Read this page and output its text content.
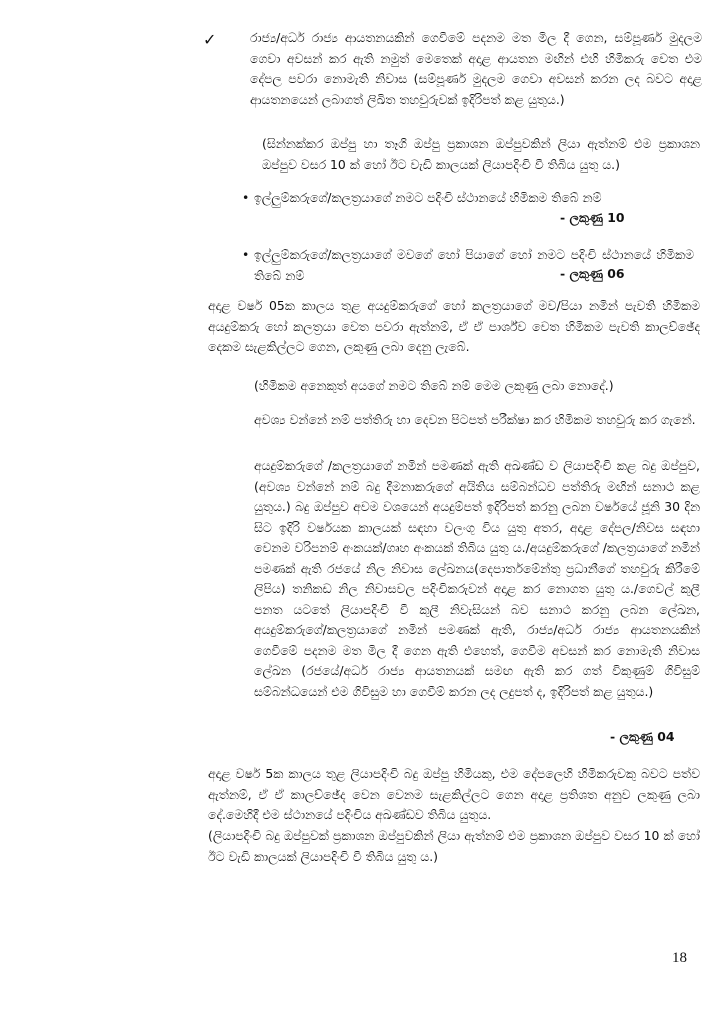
✓	රාජ්‍ය/අර්ධ රාජ්‍ය ආයතනයකින් ගෙවීමේ පදනම මත මිල දී ගෙන, සම්පූර්ණ මුදලම ගෙවා අවසන් කර ඇති නමුත් මෙතෙක් අදාළ ආයතන මඟින් එහි හිමිකරු වෙත එම දේපල පවරා නොමැති නිවාස (සම්පූර්ණ මුදලම ගෙවා අවසන් කරන ලද බවට අදාළ ආයතනයෙන් ලබාගත් ලිඛිත තහවුරුවක් ඉදිරිපත් කළ යුතුය.)

(සින්නක්කර ඔප්පු හා තෑගි ඔප්පු ප්‍රකාශන ඔප්පුවකින් ලියා ඇත්නම් එම ප්‍රකාශන ඔප්පුව වසර 10 ක් හෝ ඊට වැඩි කාලයක් ලියාපදිංචි වී තිබිය යුතු ය.)

• ඉල්ලුම්කරුගේ/කලත්‍රයාගේ නමට පදිංචි ස්ථානයේ හිමිකම තිබේ නම්

- ලකුණු 10
• ඉල්ලුම්කරුගේ/කලත්‍රයාගේ මවගේ හෝ පියාගේ හෝ නමට පදිංචි ස්ථානයේ හිමිකම තිබේ නම්	- ලකුණු 06

අදාළ වර්ෂ 05ක කාලය තුළ අයදුම්කරුගේ හෝ කලත්‍රයාගේ මව/පියා නමින් පැවති හිමිකම අයදුම්කරු හෝ කලත්‍රයා වෙත පවරා ඇත්නම්, ඒ ඒ පාර්ශ්ව වෙත හිමිකම පැවති කාලච්ඡේද දෙකම සැළකිල්ලට ගෙන, ලකුණු ලබා දෙනු ලැබේ.

(හිමිකම අනෙකුත් අයගේ නමට තිබේ නම් මෙම ලකුණු ලබා නොදේ.)

අවශ්‍ය වන්නේ නම් පත්තිරු හා දෙවන පිටපත් පරීක්ෂා කර හිමිකම තහවුරු කර ගැනේ.

අයදුම්කරුගේ /කලත්‍රයාගේ නමින් පමණක් ඇති අඛණ්ඩ ව ලියාපදිංචි කළ බදු ඔප්පුව, (අවශ්‍ය වන්නේ නම් බදු දීමනාකරුගේ අයිතිය සම්බන්ධව පත්තිරු මඟින් සනාථ කළ යුතුය.) බදු ඔප්පුව අවම වශයෙන් අයදුම්පත් ඉදිරිපත් කරනු ලබන වර්ෂයේ ජූනි 30 දින සිට ඉදිරි වර්ෂයක කාලයක් සඳහා වලංගු විය යුතු අතර, අදාළ දේපල/නිවස සඳහා වෙනම වරිපනම් අංකයක්/ගෘහ අංකයක් තිබිය යුතු ය./අයදුම්කරුගේ /කලත්‍රයාගේ නමින් පමණක් ඇති රජයේ නිල නිවාස ලේඛනය(දෙපාර්තමේන්තු ප්‍රධානීගේ තහවුරු කිරීමේ ලිපිය) තනිකඩ නිල නිවාසවල පදිංචිකරුවන් අදාළ කර නොගත යුතු ය./ගෙවල් කුලී පනත යටතේ ලියාපදිංචි වී කුලී නිවැසියන් බව සනාථ කරනු ලබන ලේඛන, අයදුම්කරුගේ/කලත්‍රයාගේ නමින් පමණක් ඇති, රාජ්‍ය/අර්ධ රාජ්‍ය ආයතනයකින් ගෙවීමේ පදනම මත මිල දී ගෙන ඇති එහෙත්, ගෙවීම අවසන් කර නොමැති නිවාස ලේඛන (රජයේ/අර්ධ රාජ්‍ය ආයතනයක් සමඟ ඇති කර ගත් විකුණුම් ගිවිසුම් සම්බන්ධයෙන් එම ගිවිසුම හා ගෙවීම් කරන ලද ලදුපත් ද, ඉදිරිපත් කළ යුතුය.)

- ලකුණු 04

අදාළ වර්ෂ 5ක කාලය තුළ ලියාපදිංචි බදු ඔප්පු හිමියකු, එම දේපලෙහි හිමිකරුවකු බවට පත්ව ඇත්නම්, ඒ ඒ කාලච්ඡේද වෙන වෙනම සැළකිල්ලට ගෙන අදාළ ප්‍රතිශත අනුව ලකුණු ලබා දේ.මෙහිදී එම ස්ථානයේ පදිංචිය අඛණ්ඩව තිබිය යුතුය.

(ලියාපදිංචි බදු ඔප්පුවක් ප්‍රකාශන ඔප්පුවකින් ලියා ඇත්නම් එම ප්‍රකාශන ඔප්පුව වසර 10 ක් හෝ ඊට වැඩි කාලයක් ලියාපදිංචි වී තිබිය යුතු ය.)

18
